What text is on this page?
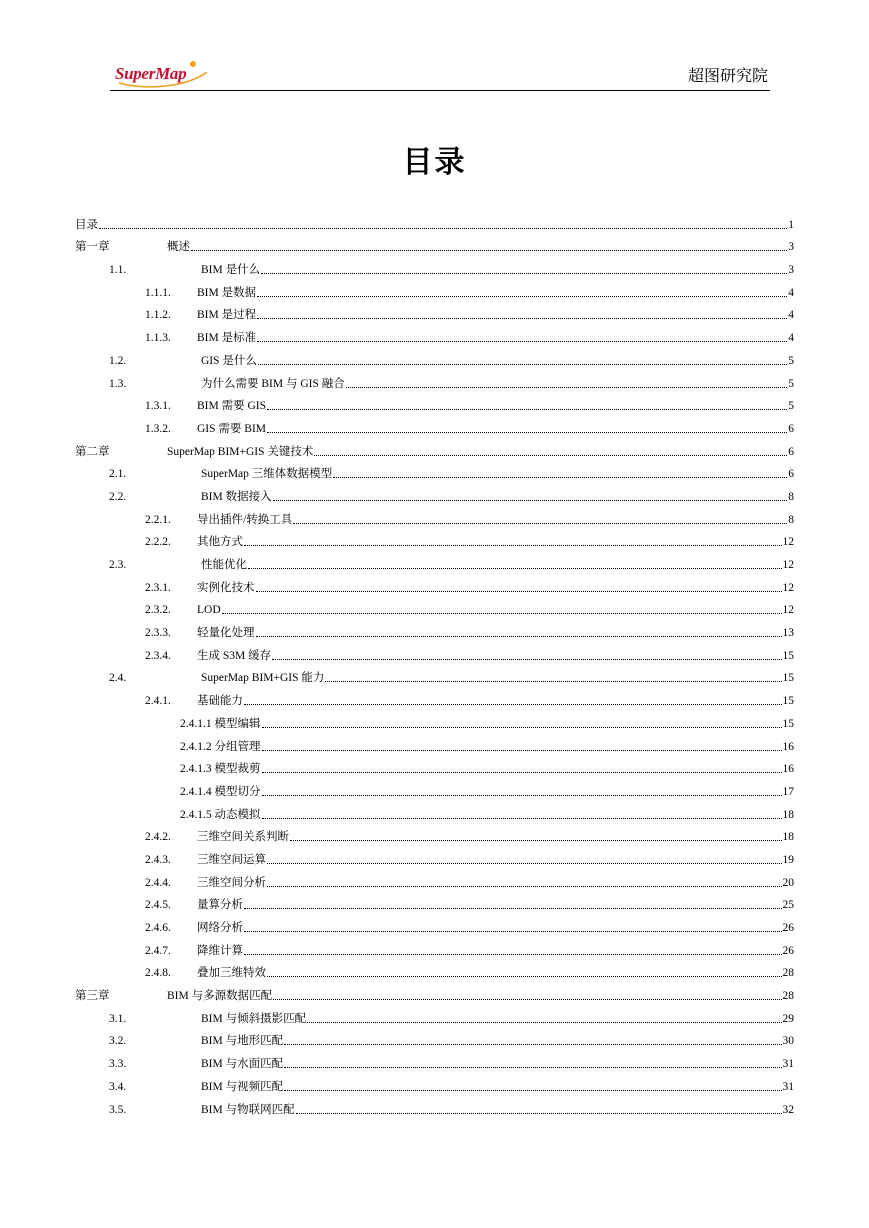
SuperMap	超图研究院
目录
目录	1
第一章	概述	3
1.1.	BIM 是什么	3
1.1.1.	BIM 是数据	4
1.1.2.	BIM 是过程	4
1.1.3.	BIM 是标准	4
1.2.	GIS 是什么	5
1.3.	为什么需要 BIM 与 GIS 融合	5
1.3.1.	BIM 需要 GIS	5
1.3.2.	GIS 需要 BIM	6
第二章	SuperMap BIM+GIS 关键技术	6
2.1.	SuperMap 三维体数据模型	6
2.2.	BIM 数据接入	8
2.2.1.	导出插件/转换工具	8
2.2.2.	其他方式	12
2.3.	性能优化	12
2.3.1.	实例化技术	12
2.3.2.	LOD	12
2.3.3.	轻量化处理	13
2.3.4.	生成 S3M 缓存	15
2.4.	SuperMap BIM+GIS 能力	15
2.4.1.	基础能力	15
2.4.1.1 模型编辑	15
2.4.1.2 分组管理	16
2.4.1.3 模型裁剪	16
2.4.1.4 模型切分	17
2.4.1.5 动态模拟	18
2.4.2.	三维空间关系判断	18
2.4.3.	三维空间运算	19
2.4.4.	三维空间分析	20
2.4.5.	量算分析	25
2.4.6.	网络分析	26
2.4.7.	降维计算	26
2.4.8.	叠加三维特效	28
第三章	BIM 与多源数据匹配	28
3.1.	BIM 与倾斜摄影匹配	29
3.2.	BIM 与地形匹配	30
3.3.	BIM 与水面匹配	31
3.4.	BIM 与视频匹配	31
3.5.	BIM 与物联网匹配	32
